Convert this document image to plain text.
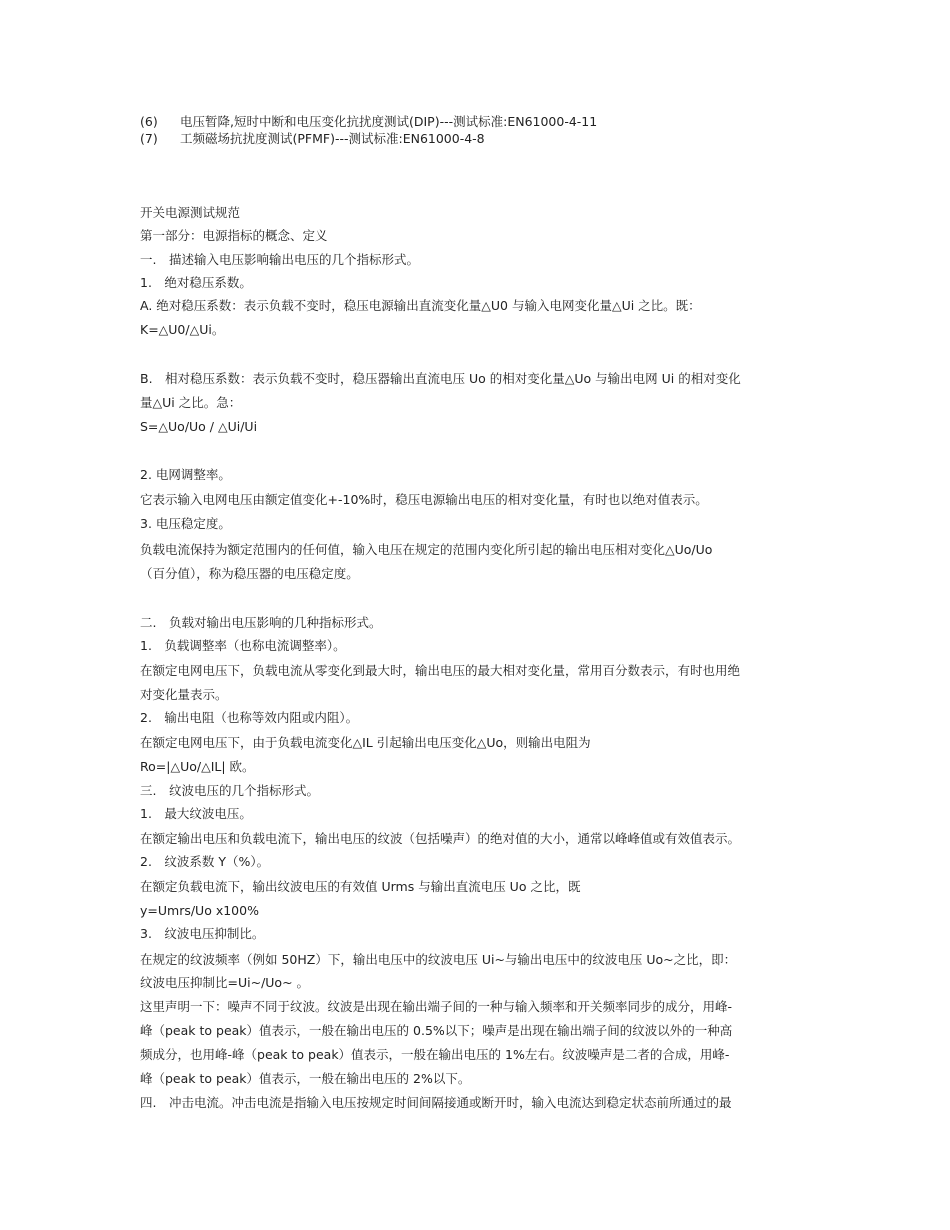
(6) 电压暂降,短时中断和电压变化抗扰度测试(DIP)---测试标准:EN61000-4-11

(7) 工频磁场抗扰度测试(PFMF)---测试标准:EN61000-4-8

开关电源测试规范

第一部分：电源指标的概念、定义

一.　描述输入电压影响输出电压的几个指标形式。

1.　绝对稳压系数。

A. 绝对稳压系数：表示负载不变时，稳压电源输出直流变化量△U0 与输入电网变化量△Ui 之比。既：

K=△U0/△Ui。

B.　相对稳压系数：表示负载不变时，稳压器输出直流电压 Uo 的相对变化量△Uo 与输出电网 Ui 的相对变化

量△Ui 之比。急：

S=△Uo/Uo / △Ui/Ui

2. 电网调整率。

它表示输入电网电压由额定值变化+-10%时，稳压电源输出电压的相对变化量，有时也以绝对值表示。

3. 电压稳定度。

负载电流保持为额定范围内的任何值，输入电压在规定的范围内变化所引起的输出电压相对变化△Uo/Uo

（百分值），称为稳压器的电压稳定度。

二.　负载对输出电压影响的几种指标形式。

1.　负载调整率（也称电流调整率）。

在额定电网电压下，负载电流从零变化到最大时，输出电压的最大相对变化量，常用百分数表示，有时也用绝

对变化量表示。

2.　输出电阻（也称等效内阻或内阻）。

在额定电网电压下，由于负载电流变化△IL 引起输出电压变化△Uo，则输出电阻为

Ro=|△Uo/△IL| 欧。

三.　纹波电压的几个指标形式。

1.　最大纹波电压。

在额定输出电压和负载电流下，输出电压的纹波（包括噪声）的绝对值的大小，通常以峰峰值或有效值表示。

2.　纹波系数 Y（%）。

在额定负载电流下，输出纹波电压的有效值 Urms 与输出直流电压 Uo 之比，既

y=Umrs/Uo x100%

3.　纹波电压抑制比。

在规定的纹波频率（例如 50HZ）下，输出电压中的纹波电压 Ui~与输出电压中的纹波电压 Uo~之比，即：

纹波电压抑制比=Ui~/Uo~ 。

这里声明一下：噪声不同于纹波。纹波是出现在输出端子间的一种与输入频率和开关频率同步的成分，用峰-

峰（peak to peak）值表示，一般在输出电压的 0.5%以下；噪声是出现在输出端子间的纹波以外的一种高

频成分，也用峰-峰（peak to peak）值表示，一般在输出电压的 1%左右。纹波噪声是二者的合成，用峰-

峰（peak to peak）值表示，一般在输出电压的 2%以下。

四.　冲击电流。冲击电流是指输入电压按规定时间间隔接通或断开时，输入电流达到稳定状态前所通过的最
